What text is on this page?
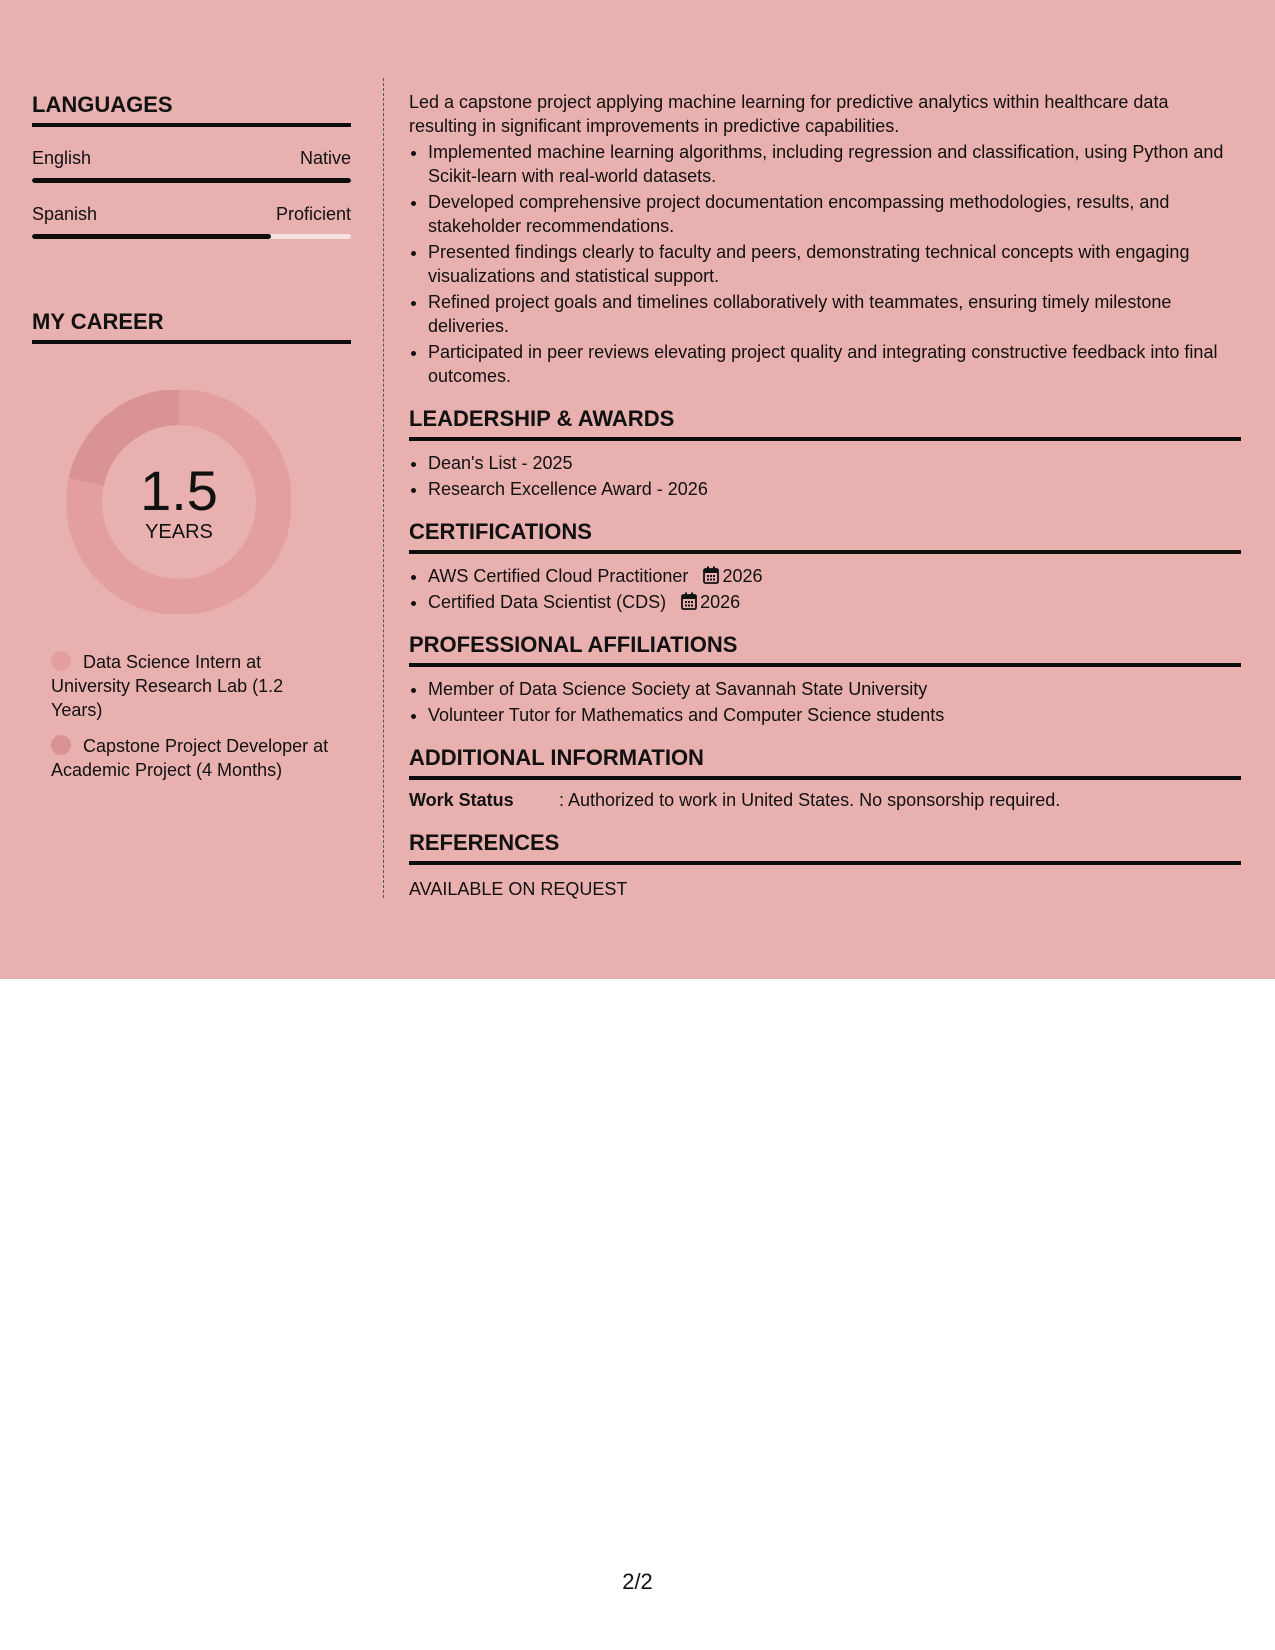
LANGUAGES
English	Native
Spanish	Proficient
MY CAREER
1.5
YEARS
Data Science Intern at University Research Lab (1.2 Years)
Capstone Project Developer at Academic Project (4 Months)

Led a capstone project applying machine learning for predictive analytics within healthcare data resulting in significant improvements in predictive capabilities.

• Implemented machine learning algorithms, including regression and classification, using Python and Scikit-learn with real-world datasets.
• Developed comprehensive project documentation encompassing methodologies, results, and stakeholder recommendations.
• Presented findings clearly to faculty and peers, demonstrating technical concepts with engaging visualizations and statistical support.
• Refined project goals and timelines collaboratively with teammates, ensuring timely milestone deliveries.
• Participated in peer reviews elevating project quality and integrating constructive feedback into final outcomes.
LEADERSHIP & AWARDS
• Dean's List - 2025
• Research Excellence Award - 2026
CERTIFICATIONS
• AWS Certified Cloud Practitioner 2026
• Certified Data Scientist (CDS) 2026
PROFESSIONAL AFFILIATIONS
• Member of Data Science Society at Savannah State University
• Volunteer Tutor for Mathematics and Computer Science students
ADDITIONAL INFORMATION
Work Status	: Authorized to work in United States. No sponsorship required.
REFERENCES
AVAILABLE ON REQUEST
2/2
